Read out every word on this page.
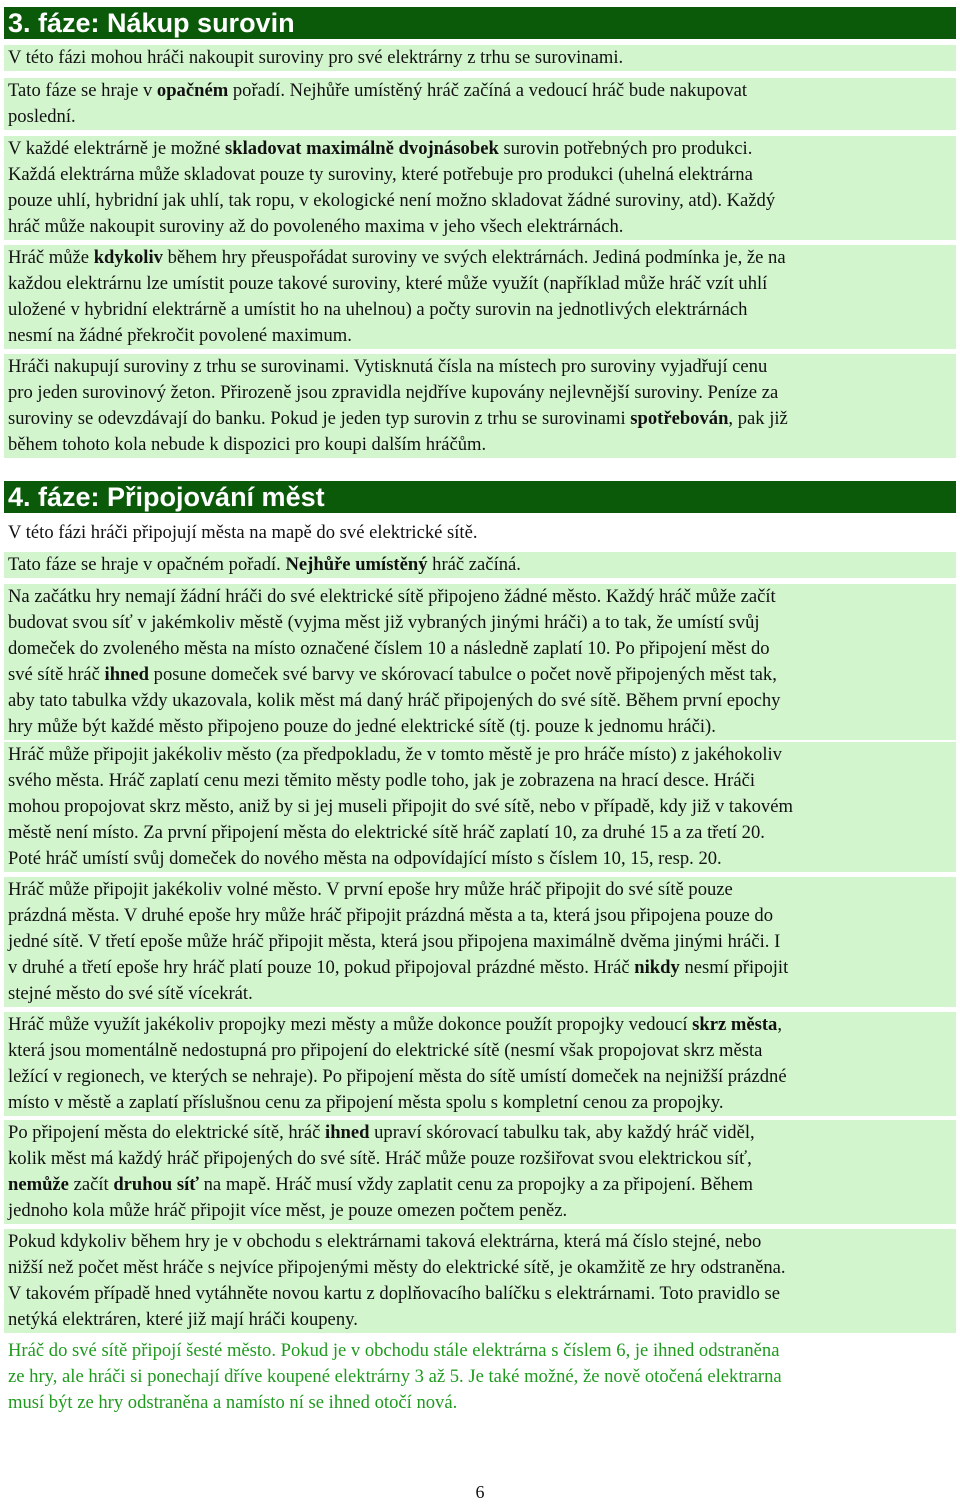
3. fáze: Nákup surovin
V této fázi mohou hráči nakoupit suroviny pro své elektrárny z trhu se surovinami.
Tato fáze se hraje v opačném pořadí. Nejhůře umístěný hráč začíná a vedoucí hráč bude nakupovat
poslední.
V každé elektrárně je možné skladovat maximálně dvojnásobek surovin potřebných pro produkci.
Každá elektrárna může skladovat pouze ty suroviny, které potřebuje pro produkci (uhelná elektrárna
pouze uhlí, hybridní jak uhlí, tak ropu, v ekologické není možno skladovat žádné suroviny, atd). Každý
hráč může nakoupit suroviny až do povoleného maxima v jeho všech elektrárnách.
Hráč může kdykoliv během hry přeuspořádat suroviny ve svých elektrárnách. Jediná podmínka je, že na
každou elektrárnu lze umístit pouze takové suroviny, které může využít (například může hráč vzít uhlí
uložené v hybridní elektrárně a umístit ho na uhelnou) a počty surovin na jednotlivých elektrárnách
nesmí na žádné překročit povolené maximum.
Hráči nakupují suroviny z trhu se surovinami. Vytisknutá čísla na místech pro suroviny vyjadřují cenu
pro jeden surovinový žeton. Přirozeně jsou zpravidla nejdříve kupovány nejlevnější suroviny. Peníze za
suroviny se odevzdávají do banku. Pokud je jeden typ surovin z trhu se surovinami spotřebován, pak již
během tohoto kola nebude k dispozici pro koupi dalším hráčům.
4. fáze: Připojování měst
V této fázi hráči připojují města na mapě do své elektrické sítě.
Tato fáze se hraje v opačném pořadí. Nejhůře umístěný hráč začíná.
Na začátku hry nemají žádní hráči do své elektrické sítě připojeno žádné město. Každý hráč může začít
budovat svou síť v jakémkoliv městě (vyjma měst již vybraných jinými hráči) a to tak, že umístí svůj
domeček do zvoleného města na místo označené číslem 10 a následně zaplatí 10. Po připojení měst do
své sítě hráč ihned posune domeček své barvy ve skórovací tabulce o počet nově připojených měst tak,
aby tato tabulka vždy ukazovala, kolik měst má daný hráč připojených do své sítě. Během první epochy
hry může být každé město připojeno pouze do jedné elektrické sítě (tj. pouze k jednomu hráči).
Hráč může připojit jakékoliv město (za předpokladu, že v tomto městě je pro hráče místo) z jakéhokoliv
svého města. Hráč zaplatí cenu mezi těmito městy podle toho, jak je zobrazena na hrací desce. Hráči
mohou propojovat skrz město, aniž by si jej museli připojit do své sítě, nebo v případě, kdy již v takovém
městě není místo. Za první připojení města do elektrické sítě hráč zaplatí 10, za druhé 15 a za třetí 20.
Poté hráč umístí svůj domeček do nového města na odpovídající místo s číslem 10, 15, resp. 20.
Hráč může připojit jakékoliv volné město. V první epoše hry může hráč připojit do své sítě pouze
prázdná města. V druhé epoše hry může hráč připojit prázdná města a ta, která jsou připojena pouze do
jedné sítě. V třetí epoše může hráč připojit města, která jsou připojena maximálně dvěma jinými hráči. I
v druhé a třetí epoše hry hráč platí pouze 10, pokud připojoval prázdné město. Hráč nikdy nesmí připojit
stejné město do své sítě vícekrát.
Hráč může využít jakékoliv propojky mezi městy a může dokonce použít propojky vedoucí skrz města,
která jsou momentálně nedostupná pro připojení do elektrické sítě (nesmí však propojovat skrz města
ležící v regionech, ve kterých se nehraje). Po připojení města do sítě umístí domeček na nejnižší prázdné
místo v městě a zaplatí příslušnou cenu za připojení města spolu s kompletní cenou za propojky.
Po připojení města do elektrické sítě, hráč ihned upraví skórovací tabulku tak, aby každý hráč viděl,
kolik měst má každý hráč připojených do své sítě. Hráč může pouze rozšiřovat svou elektrickou síť,
nemůže začít druhou síť na mapě. Hráč musí vždy zaplatit cenu za propojky a za připojení. Během
jednoho kola může hráč připojit více měst, je pouze omezen počtem peněz.
Pokud kdykoliv během hry je v obchodu s elektrárnami taková elektrárna, která má číslo stejné, nebo
nižší než počet měst hráče s nejvíce připojenými městy do elektrické sítě, je okamžitě ze hry odstraněna.
V takovém případě hned vytáhněte novou kartu z doplňovacího balíčku s elektrárnami. Toto pravidlo se
netýká elektráren, které již mají hráči koupeny.
Hráč do své sítě připojí šesté město. Pokud je v obchodu stále elektrárna s číslem 6, je ihned odstraněna
ze hry, ale hráči si ponechají dříve koupené elektrárny 3 až 5. Je také možné, že nově otočená elektrarna
musí být ze hry odstraněna a namísto ní se ihned otočí nová.
6
